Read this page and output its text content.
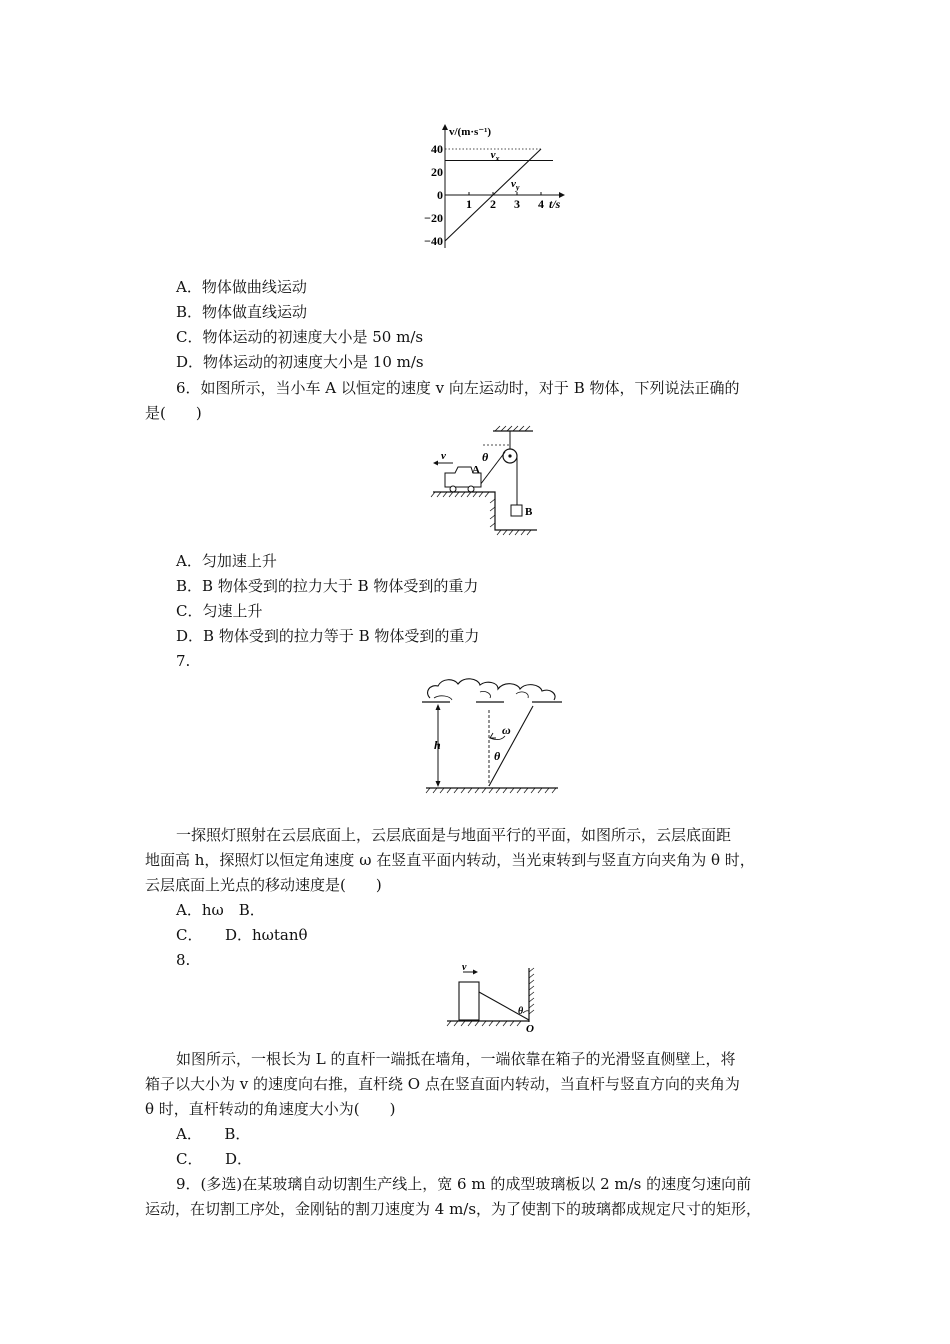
40
20
0
−20
−40
1 2 3 4 t/s
v/(m·s⁻¹)
$v_x$
$v_y$
A．物体做曲线运动
B．物体做直线运动
C．物体运动的初速度大小是 50 m/s
D．物体运动的初速度大小是 10 m/s
6．如图所示，当小车 A 以恒定的速度 v 向左运动时，对于 B 物体，下列说法正确的
是(　　)
B
θ
A
v
A．匀加速上升
B．B 物体受到的拉力大于 B 物体受到的重力
C．匀速上升
D．B 物体受到的拉力等于 B 物体受到的重力
7.
h
ω
θ
一探照灯照射在云层底面上，云层底面是与地面平行的平面，如图所示，云层底面距
地面高 h，探照灯以恒定角速度 ω 在竖直平面内转动，当光束转到与竖直方向夹角为 θ 时，
云层底面上光点的移动速度是(　　)
A．hω　B．
C．　　D．hωtanθ
8.	v
θ
O
如图所示，一根长为 L 的直杆一端抵在墙角，一端依靠在箱子的光滑竖直侧壁上，将
箱子以大小为 v 的速度向右推，直杆绕 O 点在竖直面内转动，当直杆与竖直方向的夹角为
θ 时，直杆转动的角速度大小为(　　)
A．　　B．
C．　　D．
9．(多选)在某玻璃自动切割生产线上，宽 6 m 的成型玻璃板以 2 m/s 的速度匀速向前
运动，在切割工序处，金刚钻的割刀速度为 4 m/s，为了使割下的玻璃都成规定尺寸的矩形，
